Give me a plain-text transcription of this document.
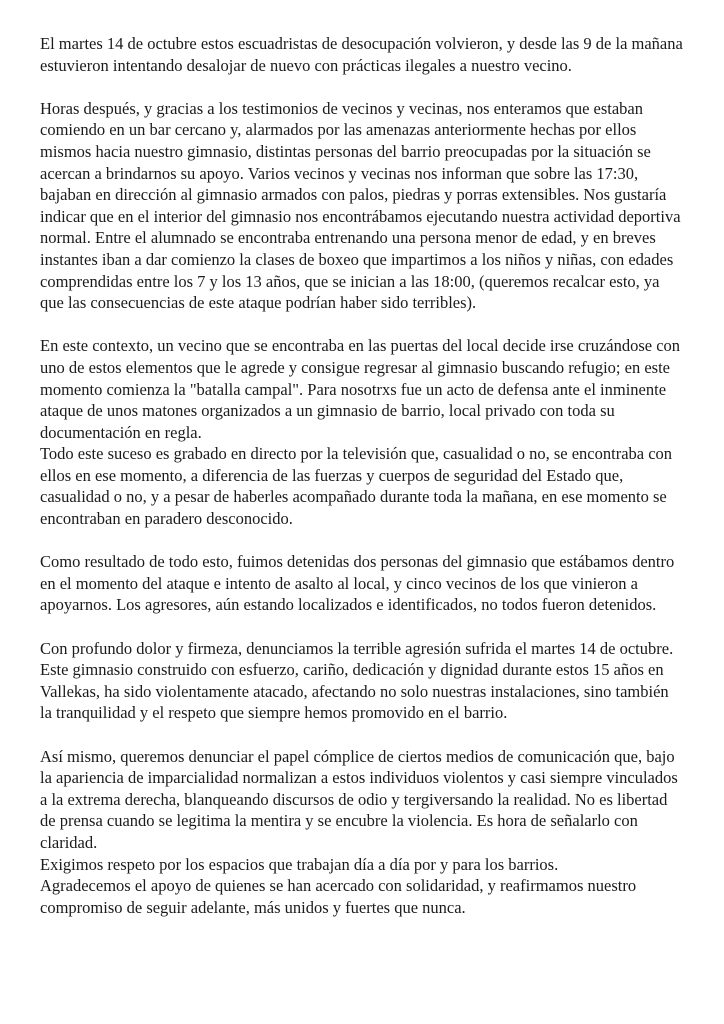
El martes 14 de octubre estos escuadristas de desocupación volvieron, y desde las 9 de la mañana estuvieron intentando desalojar de nuevo con prácticas ilegales a nuestro vecino.

Horas después, y gracias a los testimonios de vecinos y vecinas, nos enteramos que estaban comiendo en un bar cercano y, alarmados por las amenazas anteriormente hechas por ellos mismos hacia nuestro gimnasio, distintas personas del barrio preocupadas por la situación se acercan a brindarnos su apoyo. Varios vecinos y vecinas nos informan que sobre las 17:30, bajaban en dirección al gimnasio armados con palos, piedras y porras extensibles. Nos gustaría indicar que en el interior del gimnasio nos encontrábamos ejecutando nuestra actividad deportiva normal. Entre el alumnado se encontraba entrenando una persona menor de edad, y en breves instantes iban a dar comienzo la clases de boxeo que impartimos a los niños y niñas, con edades comprendidas entre los 7 y los 13 años, que se inician a las 18:00, (queremos recalcar esto, ya que las consecuencias de este ataque podrían haber sido terribles).

En este contexto, un vecino que se encontraba en las puertas del local decide irse cruzándose con uno de estos elementos que le agrede y consigue regresar al gimnasio buscando refugio; en este momento comienza la "batalla campal". Para nosotrxs fue un acto de defensa ante el inminente ataque de unos matones organizados a un gimnasio de barrio, local privado con toda su documentación en regla.
Todo este suceso es grabado en directo por la televisión que, casualidad o no, se encontraba con ellos en ese momento, a diferencia de las fuerzas y cuerpos de seguridad del Estado que, casualidad o no, y a pesar de haberles acompañado durante toda la mañana, en ese momento se encontraban en paradero desconocido.

Como resultado de todo esto, fuimos detenidas dos personas del gimnasio que estábamos dentro en el momento del ataque e intento de asalto al local, y cinco vecinos de los que vinieron a apoyarnos. Los agresores, aún estando localizados e identificados, no todos fueron detenidos.

Con profundo dolor y firmeza, denunciamos la terrible agresión sufrida el martes 14 de octubre. Este gimnasio construido con esfuerzo, cariño, dedicación y dignidad durante estos 15 años en Vallekas, ha sido violentamente atacado, afectando no solo nuestras instalaciones, sino también la tranquilidad y el respeto que siempre hemos promovido en el barrio.

Así mismo, queremos denunciar el papel cómplice de ciertos medios de comunicación que, bajo la apariencia de imparcialidad normalizan a estos individuos violentos y casi siempre vinculados a la extrema derecha, blanqueando discursos de odio y tergiversando la realidad. No es libertad de prensa cuando se legitima la mentira y se encubre la violencia. Es hora de señalarlo con claridad.
Exigimos respeto por los espacios que trabajan día a día por y para los barrios.
Agradecemos el apoyo de quienes se han acercado con solidaridad, y reafirmamos nuestro compromiso de seguir adelante, más unidos y fuertes que nunca.
